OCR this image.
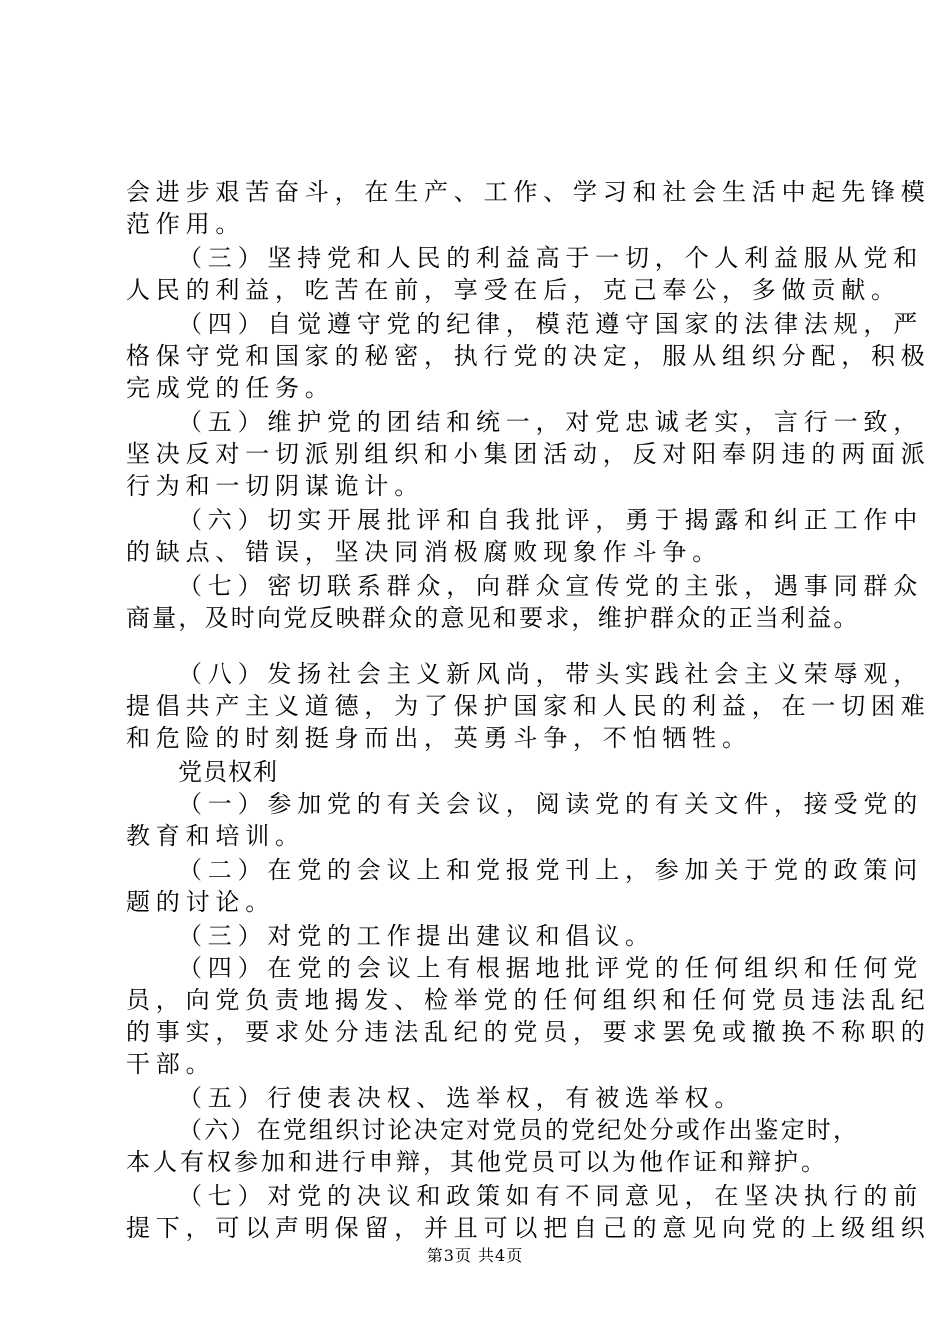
会进步艰苦奋斗，在生产、工作、学习和社会生活中起先锋模

范作用。

（三）坚持党和人民的利益高于一切，个人利益服从党和

人民的利益，吃苦在前，享受在后，克己奉公，多做贡献。

（四）自觉遵守党的纪律，模范遵守国家的法律法规，严

格保守党和国家的秘密，执行党的决定，服从组织分配，积极

完成党的任务。

（五）维护党的团结和统一，对党忠诚老实，言行一致，

坚决反对一切派别组织和小集团活动，反对阳奉阴违的两面派

行为和一切阴谋诡计。

（六）切实开展批评和自我批评，勇于揭露和纠正工作中

的缺点、错误，坚决同消极腐败现象作斗争。

（七）密切联系群众，向群众宣传党的主张，遇事同群众

商量，及时向党反映群众的意见和要求，维护群众的正当利益。

（八）发扬社会主义新风尚，带头实践社会主义荣辱观，

提倡共产主义道德，为了保护国家和人民的利益，在一切困难

和危险的时刻挺身而出，英勇斗争，不怕牺牲。

党员权利

（一）参加党的有关会议，阅读党的有关文件，接受党的

教育和培训。

（二）在党的会议上和党报党刊上，参加关于党的政策问

题的讨论。

（三）对党的工作提出建议和倡议。

（四）在党的会议上有根据地批评党的任何组织和任何党

员，向党负责地揭发、检举党的任何组织和任何党员违法乱纪

的事实，要求处分违法乱纪的党员，要求罢免或撤换不称职的

干部。

（五）行使表决权、选举权，有被选举权。

（六）在党组织讨论决定对党员的党纪处分或作出鉴定时，

本人有权参加和进行申辩，其他党员可以为他作证和辩护。

（七）对党的决议和政策如有不同意见，在坚决执行的前

提下，可以声明保留，并且可以把自己的意见向党的上级组织

第3页 共4页
